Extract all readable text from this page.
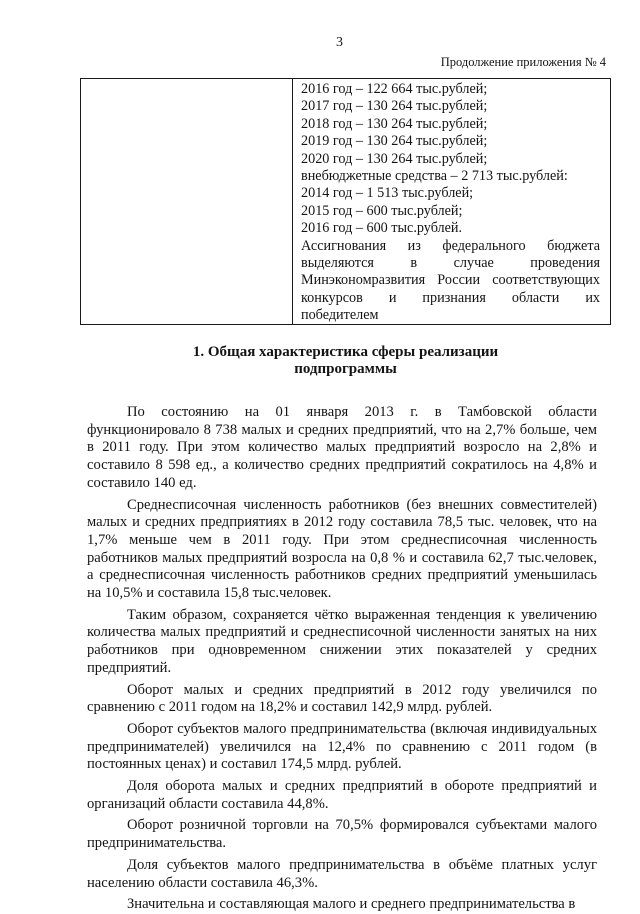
3
Продолжение приложения № 4
2016 год – 122 664 тыс.рублей;
2017 год – 130 264 тыс.рублей;
2018 год – 130 264 тыс.рублей;
2019 год – 130 264 тыс.рублей;
2020 год – 130 264 тыс.рублей;
внебюджетные средства – 2 713 тыс.рублей:
2014 год – 1 513 тыс.рублей;
2015 год – 600 тыс.рублей;
2016 год – 600 тыс.рублей.
Ассигнования из федерального бюджета
выделяются в случае проведения
Минэкономразвития России соответствующих
конкурсов и признания области их
победителем
1. Общая характеристика сферы реализации
подпрограммы

По состоянию на 01 января 2013 г. в Тамбовской области функционировало 8 738 малых и средних предприятий, что на 2,7% больше, чем в 2011 году. При этом количество малых предприятий возросло на 2,8% и составило 8 598 ед., а количество средних предприятий сократилось на 4,8% и составило 140 ед.

Среднесписочная численность работников (без внешних совместителей) малых и средних предприятиях в 2012 году составила 78,5 тыс. человек, что на 1,7% меньше чем в 2011 году. При этом среднесписочная численность работников малых предприятий возросла на 0,8 % и составила 62,7 тыс.человек, а среднесписочная численность работников средних предприятий уменьшилась на 10,5% и составила 15,8 тыс.человек.

Таким образом, сохраняется чётко выраженная тенденция к увеличению количества малых предприятий и среднесписочной численности занятых на них работников при одновременном снижении этих показателей у средних предприятий.

Оборот малых и средних предприятий в 2012 году увеличился по сравнению с 2011 годом на 18,2% и составил 142,9 млрд. рублей.

Оборот субъектов малого предпринимательства (включая индивидуальных предпринимателей) увеличился на 12,4% по сравнению с 2011 годом (в постоянных ценах) и составил 174,5 млрд. рублей.

Доля оборота малых и средних предприятий в обороте предприятий и организаций области составила 44,8%.

Оборот розничной торговли на 70,5% формировался субъектами малого предпринимательства.

Доля субъектов малого предпринимательства в объёме платных услуг населению области составила 46,3%.

Значительна и составляющая малого и среднего предпринимательства в
